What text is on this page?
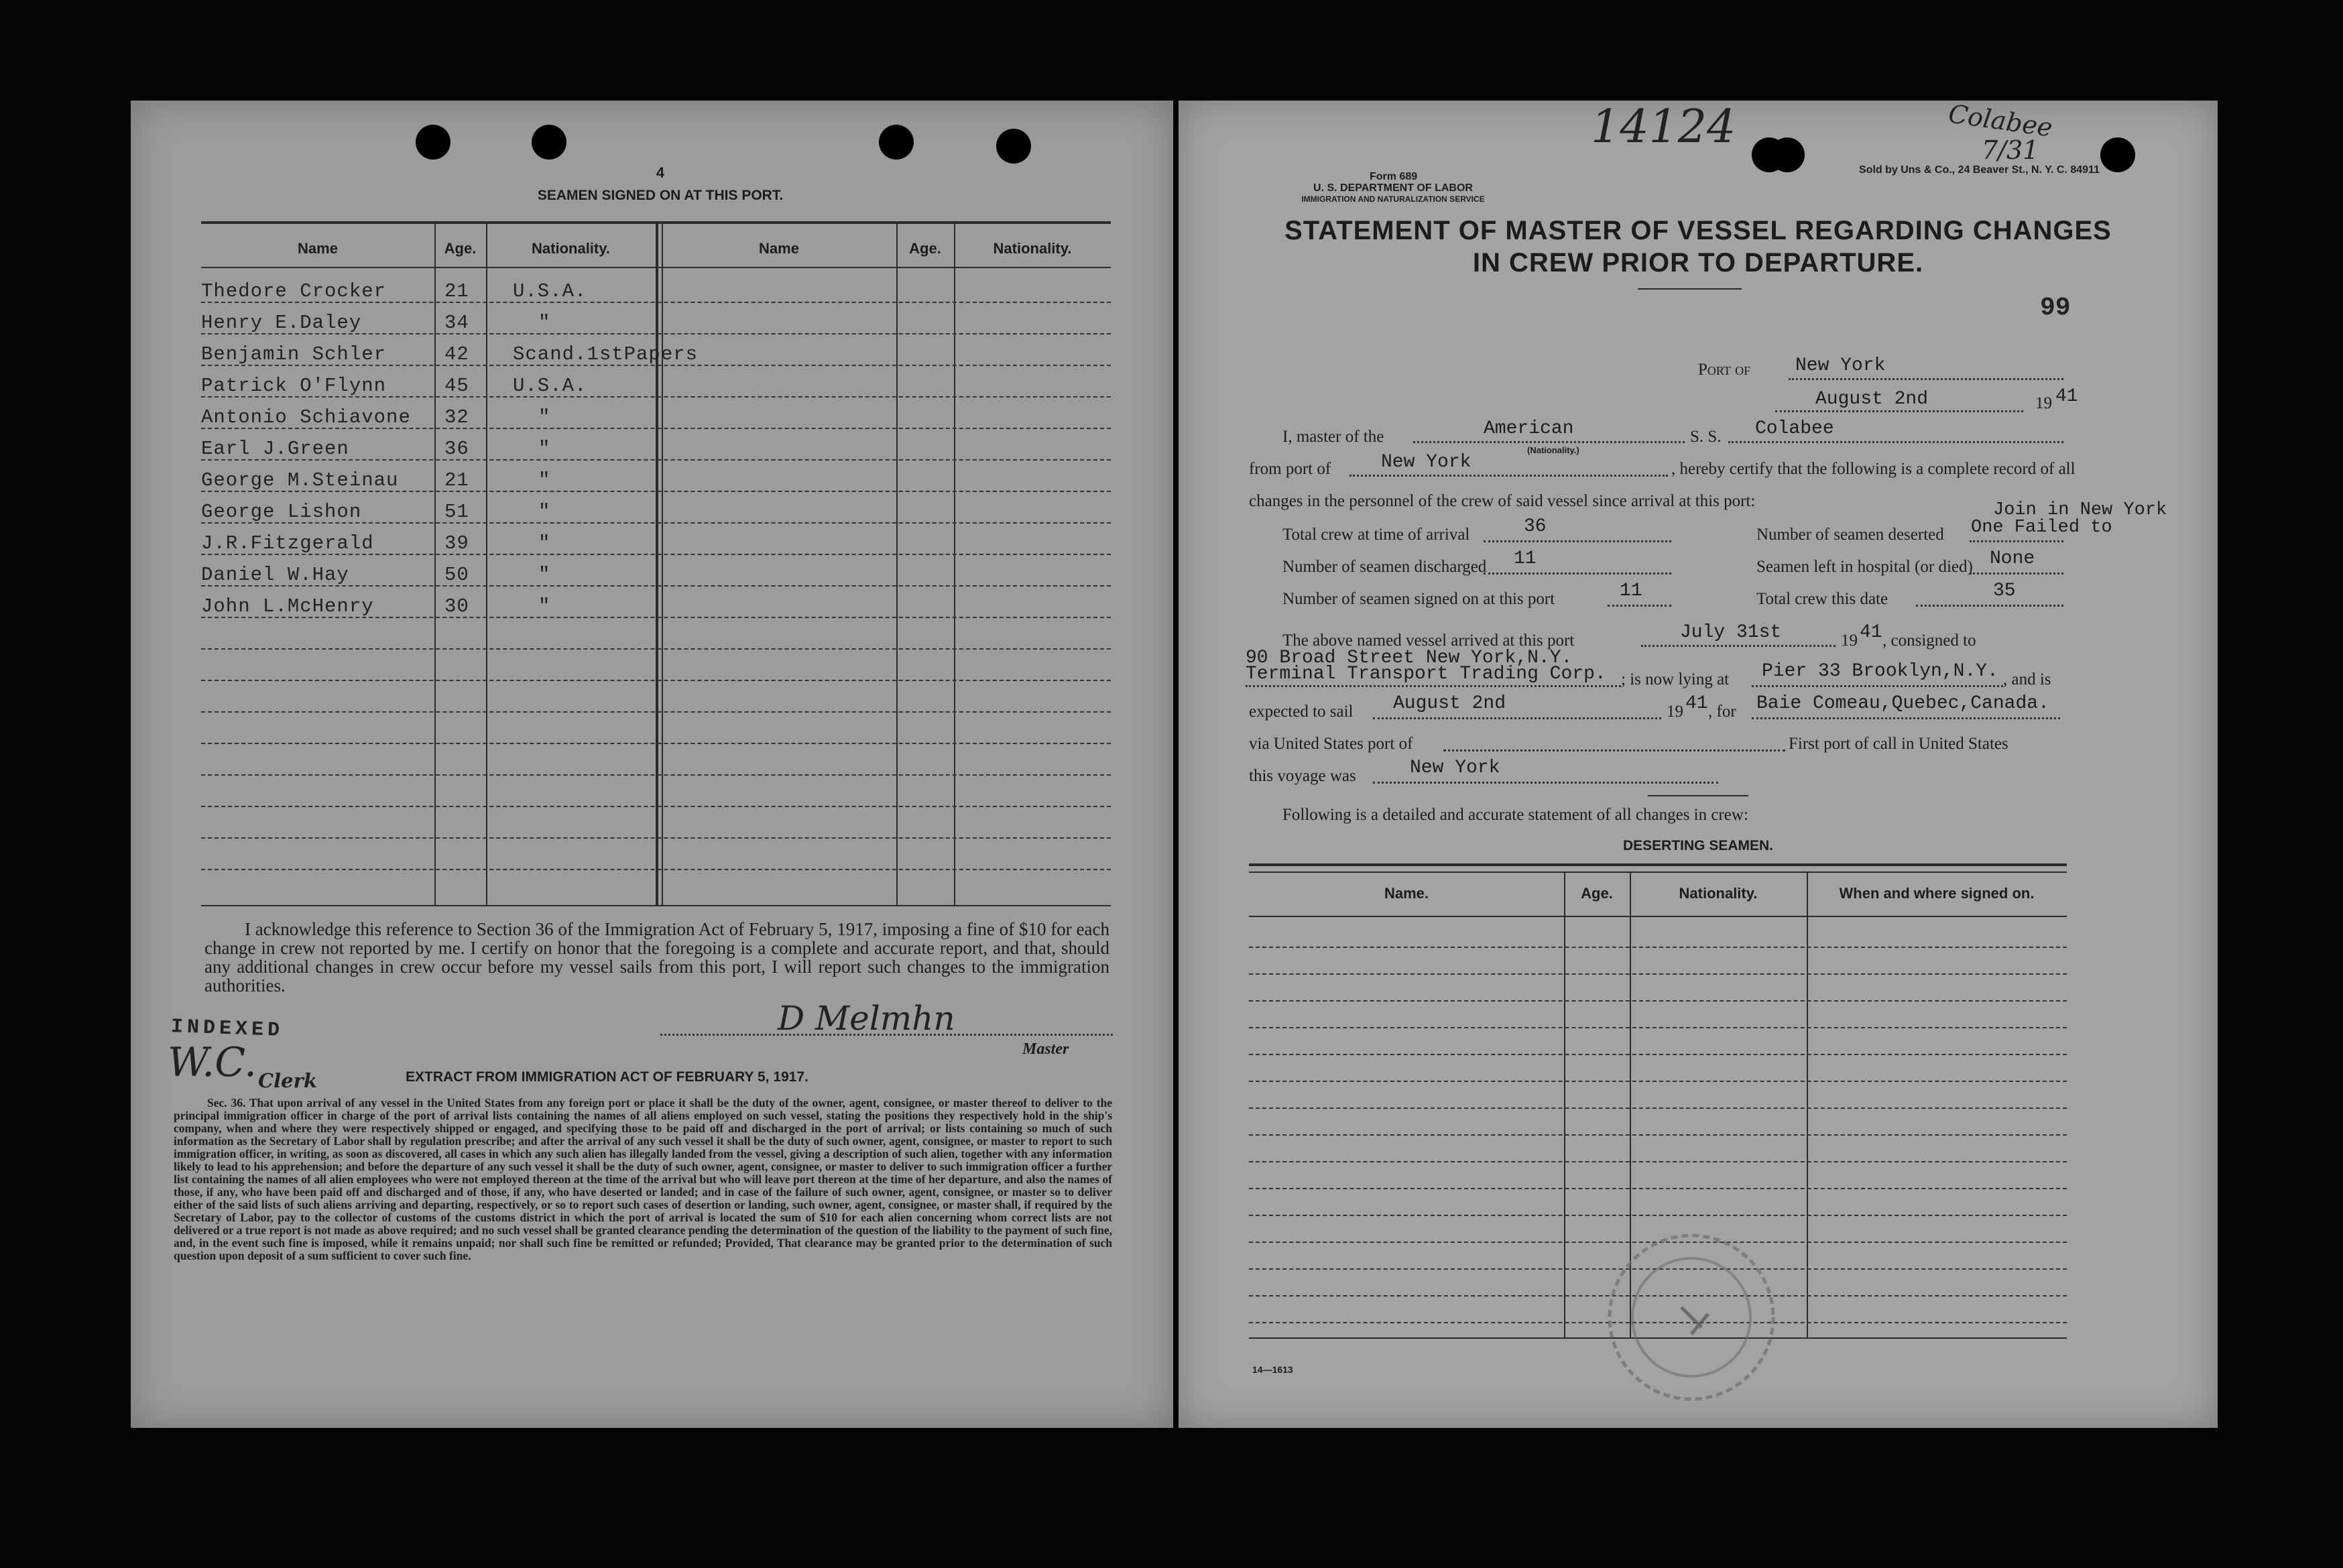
4
SEAMEN SIGNED ON AT THIS PORT.
Name	Age.	Nationality.	Name	Age.	Nationality.
Thedore Crocker	21 U.S.A.
Henry E.Daley	34	"
Benjamin Schler	42 Scand.1stPapers
Patrick O'Flynn	45 U.S.A.
Antonio Schiavone 32	"
Earl J.Green	36	"
George M.Steinau 21	"
George Lishon	51	"
J.R.Fitzgerald	39	"
Daniel W.Hay	50	"
John L.McHenry	30	"
I acknowledge this reference to Section 36 of the Immigration Act of February 5, 1917, imposing a fine of $10 for each change in crew not reported by me. I certify on honor that the foregoing is a complete and accurate report, and that, should any additional changes in crew occur before my vessel sails from this port, I will report such changes to the immigration authorities.
INDEXED
W.C. Clerk
D Melmhn
Master
EXTRACT FROM IMMIGRATION ACT OF FEBRUARY 5, 1917.
Sec. 36. That upon arrival of any vessel in the United States from any foreign port or place it shall be the duty of the owner, agent, consignee, or master thereof to deliver to the principal immigration officer in charge of the port of arrival lists containing the names of all aliens employed on such vessel, stating the positions they respectively hold in the ship's company, when and where they were respectively shipped or engaged, and specifying those to be paid off and discharged in the port of arrival; or lists containing so much of such information as the Secretary of Labor shall by regulation prescribe; and after the arrival of any such vessel it shall be the duty of such owner, agent, consignee, or master to report to such immigration officer, in writing, as soon as discovered, all cases in which any such alien has illegally landed from the vessel, giving a description of such alien, together with any information likely to lead to his apprehension; and before the departure of any such vessel it shall be the duty of such owner, agent, consignee, or master to deliver to such immigration officer a further list containing the names of all alien employees who were not employed thereon at the time of the arrival but who will leave port thereon at the time of her departure, and also the names of those, if any, who have been paid off and discharged and of those, if any, who have deserted or landed; and in case of the failure of such owner, agent, consignee, or master so to deliver either of the said lists of such aliens arriving and departing, respectively, or so to report such cases of desertion or landing, such owner, agent, consignee, or master shall, if required by the Secretary of Labor, pay to the collector of customs of the customs district in which the port of arrival is located the sum of $10 for each alien concerning whom correct lists are not delivered or a true report is not made as above required; and no such vessel shall be granted clearance pending the determination of the question of the liability to the payment of such fine, and, in the event such fine is imposed, while it remains unpaid; nor shall such fine be remitted or refunded; Provided, That clearance may be granted prior to the determination of such question upon deposit of a sum sufficient to cover such fine.
14124	Colabee
7/31
Form 689
U. S. DEPARTMENT OF LABOR
IMMIGRATION AND NATURALIZATION SERVICE
Sold by Uns & Co., 24 Beaver St., N. Y. C. 84911
STATEMENT OF MASTER OF VESSEL REGARDING CHANGES
IN CREW PRIOR TO DEPARTURE.
99
Port of New York
August 2nd	19 41
I, master of the	American
(Nationality.)
S. S. Colabee
from port of	New York	, hereby certify that the following is a complete record of all
changes in the personnel of the crew of said vessel since arrival at this port:
Total crew at time of arrival	36	Number of seamen deserted
Join in New York
One Failed to
Number of seamen discharged 11	Seamen left in hospital (or died) None
Number of seamen signed on at this port	11	Total crew this date	35
The above named vessel arrived at this port	July 31st	19 41 , consigned to
90 Broad Street New York,N.Y.
Terminal Transport Trading Corp. ; is now lying at Pier 33 Brooklyn,N.Y. , and is
expected to sail August 2nd	19 41 , for Baie Comeau,Quebec,Canada.
via United States port of	First port of call in United States
this voyage was	New York
Following is a detailed and accurate statement of all changes in crew:
DESERTING SEAMEN.
Name.	Age.	Nationality.	When and where signed on.
14—1613
